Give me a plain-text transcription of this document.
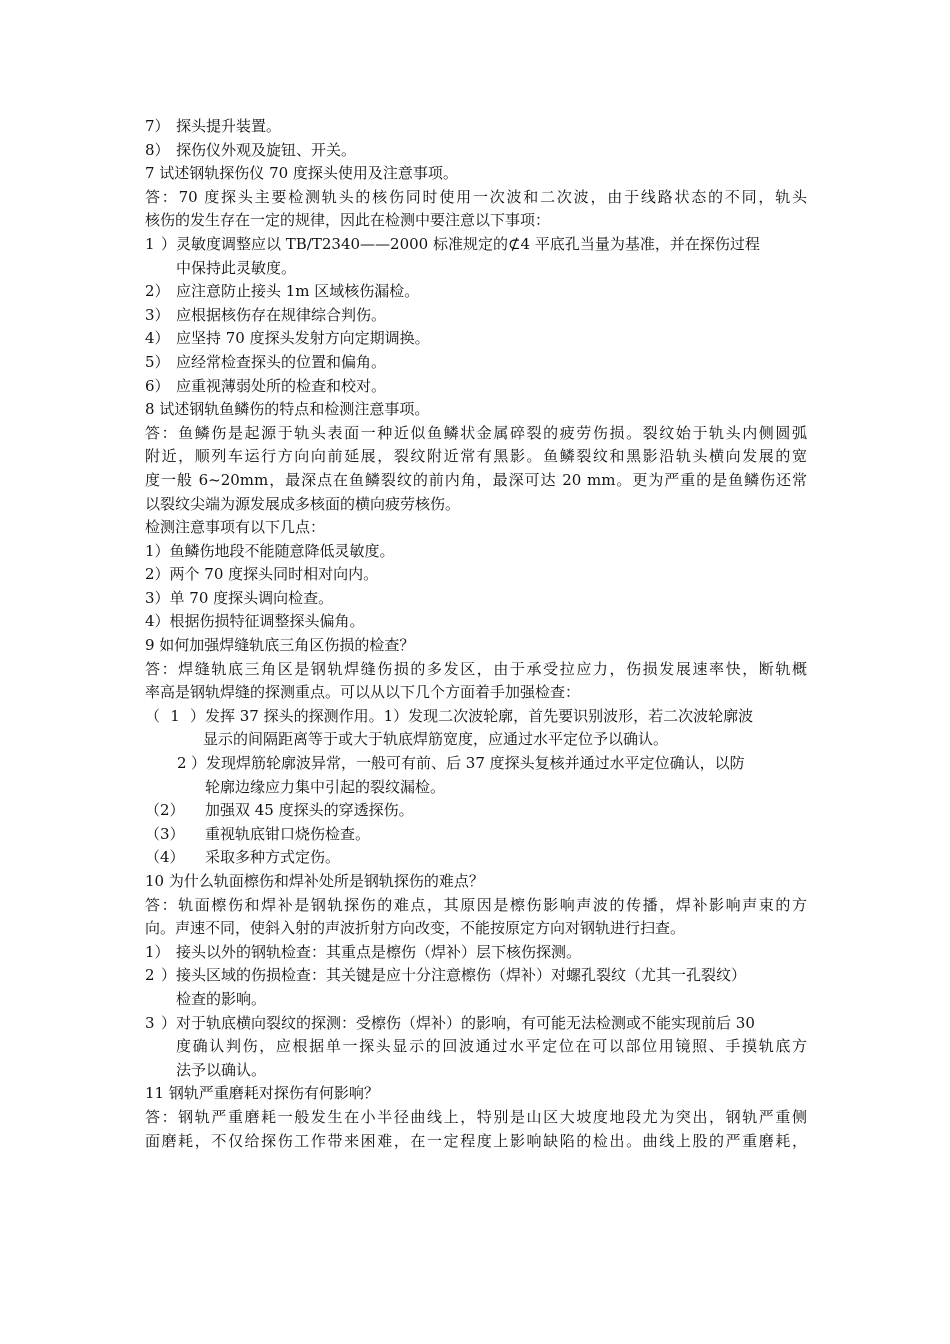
7） 探头提升装置。
8） 探伤仪外观及旋钮、开关。
7 试述钢轨探伤仪 70 度探头使用及注意事项。
答：70 度探头主要检测轨头的核伤同时使用一次波和二次波，由于线路状态的不同，轨头
核伤的发生存在一定的规律，因此在检测中要注意以下事项：
1）灵敏度调整应以 TB/T2340——2000 标准规定的⊄4 平底孔当量为基准，并在探伤过程
中保持此灵敏度。
2） 应注意防止接头 1m 区域核伤漏检。
3） 应根据核伤存在规律综合判伤。
4） 应坚持 70 度探头发射方向定期调换。
5） 应经常检查探头的位置和偏角。
6） 应重视薄弱处所的检查和校对。
8 试述钢轨鱼鳞伤的特点和检测注意事项。
答：鱼鳞伤是起源于轨头表面一种近似鱼鳞状金属碎裂的疲劳伤损。裂纹始于轨头内侧圆弧
附近，顺列车运行方向向前延展，裂纹附近常有黑影。鱼鳞裂纹和黑影沿轨头横向发展的宽
度一般 6~20mm，最深点在鱼鳞裂纹的前内角，最深可达 20 mm。更为严重的是鱼鳞伤还常
以裂纹尖端为源发展成多核面的横向疲劳核伤。
检测注意事项有以下几点：
1）鱼鳞伤地段不能随意降低灵敏度。
2）两个 70 度探头同时相对向内。
3）单 70 度探头调向检查。
4）根据伤损特征调整探头偏角。
9 如何加强焊缝轨底三角区伤损的检查？
答：焊缝轨底三角区是钢轨焊缝伤损的多发区，由于承受拉应力，伤损发展速率快，断轨概
率高是钢轨焊缝的探测重点。可以从以下几个方面着手加强检查：
（1）发挥 37 探头的探测作用。1）发现二次波轮廓，首先要识别波形，若二次波轮廓波
显示的间隔距离等于或大于轨底焊筋宽度，应通过水平定位予以确认。
2）发现焊筋轮廓波异常，一般可有前、后 37 度探头复核并通过水平定位确认，以防
轮廓边缘应力集中引起的裂纹漏检。
（2） 加强双 45 度探头的穿透探伤。
（3） 重视轨底钳口烧伤检查。
（4） 采取多种方式定伤。
10 为什么轨面檫伤和焊补处所是钢轨探伤的难点？
答：轨面檫伤和焊补是钢轨探伤的难点，其原因是檫伤影响声波的传播，焊补影响声束的方
向。声速不同，使斜入射的声波折射方向改变，不能按原定方向对钢轨进行扫查。
1） 接头以外的钢轨检查：其重点是檫伤（焊补）层下核伤探测。
2）接头区域的伤损检查：其关键是应十分注意檫伤（焊补）对螺孔裂纹（尤其一孔裂纹）
检查的影响。
3）对于轨底横向裂纹的探测：受檫伤（焊补）的影响，有可能无法检测或不能实现前后 30
度确认判伤，应根据单一探头显示的回波通过水平定位在可以部位用镜照、手摸轨底方
法予以确认。
11 钢轨严重磨耗对探伤有何影响？
答：钢轨严重磨耗一般发生在小半径曲线上，特别是山区大坡度地段尤为突出，钢轨严重侧
面磨耗，不仅给探伤工作带来困难，在一定程度上影响缺陷的检出。曲线上股的严重磨耗，
